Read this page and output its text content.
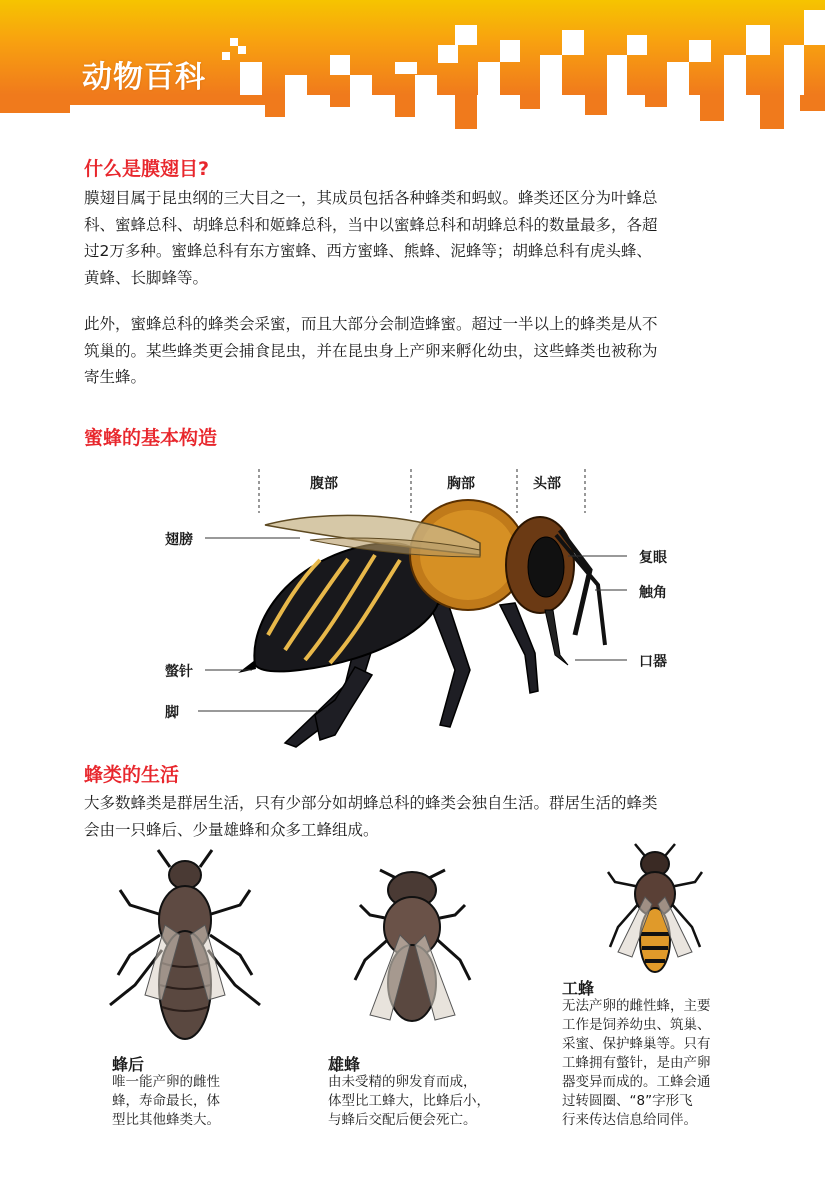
动物百科
什么是膜翅目?
膜翅目属于昆虫纲的三大目之一，其成员包括各种蜂类和蚂蚁。蜂类还区分为叶蜂总
科、蜜蜂总科、胡蜂总科和姬蜂总科，当中以蜜蜂总科和胡蜂总科的数量最多，各超
过2万多种。蜜蜂总科有东方蜜蜂、西方蜜蜂、熊蜂、泥蜂等；胡蜂总科有虎头蜂、
黄蜂、长脚蜂等。
此外，蜜蜂总科的蜂类会采蜜，而且大部分会制造蜂蜜。超过一半以上的蜂类是从不
筑巢的。某些蜂类更会捕食昆虫，并在昆虫身上产卵来孵化幼虫，这些蜂类也被称为
寄生蜂。
蜜蜂的基本构造
腹部	胸部	头部
翅膀
螫针
脚
复眼
触角
口器
蜂类的生活
大多数蜂类是群居生活，只有少部分如胡蜂总科的蜂类会独自生活。群居生活的蜂类
会由一只蜂后、少量雄蜂和众多工蜂组成。
蜂后
唯一能产卵的雌性
蜂，寿命最长，体
型比其他蜂类大。
雄蜂
由未受精的卵发育而成，
体型比工蜂大，比蜂后小，
与蜂后交配后便会死亡。
工蜂
无法产卵的雌性蜂，主要
工作是饲养幼虫、筑巢、
采蜜、保护蜂巢等。只有
工蜂拥有螫针，是由产卵
器变异而成的。工蜂会通
过转圆圈、“8”字形飞
行来传达信息给同伴。
